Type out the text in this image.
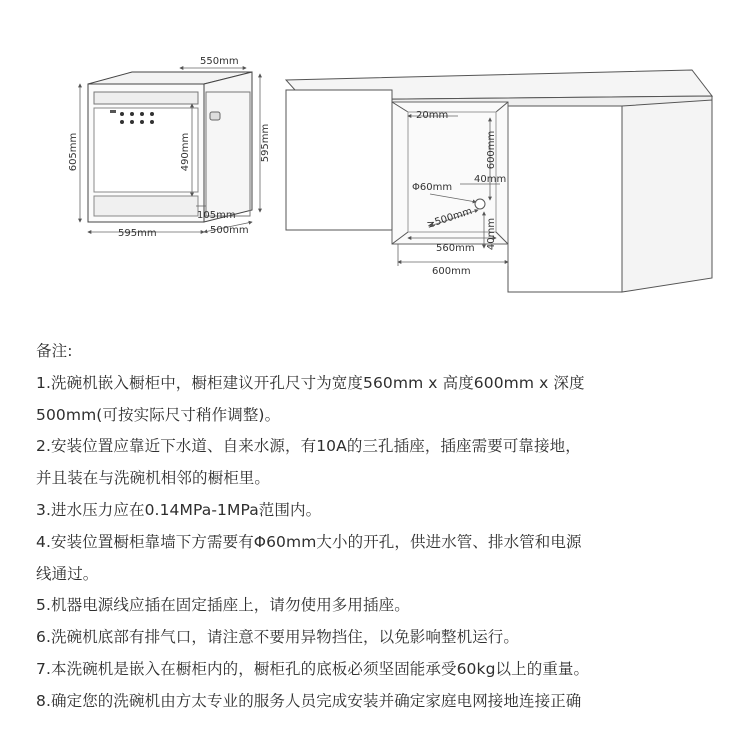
550mm
605mm	490mm	595mm
105mm
595mm	500mm
20mm
600mm
Φ60mm
40mm
≥500mm 40mm
560mm
600mm

备注:

1.洗碗机嵌入橱柜中，橱柜建议开孔尺寸为宽度560mm x 高度600mm x 深度

500mm(可按实际尺寸稍作调整)。

2.安装位置应靠近下水道、自来水源，有10A的三孔插座，插座需要可靠接地，

并且装在与洗碗机相邻的橱柜里。

3.进水压力应在0.14MPa-1MPa范围内。

4.安装位置橱柜靠墙下方需要有Φ60mm大小的开孔，供进水管、排水管和电源

线通过。

5.机器电源线应插在固定插座上，请勿使用多用插座。

6.洗碗机底部有排气口，请注意不要用异物挡住，以免影响整机运行。

7.本洗碗机是嵌入在橱柜内的，橱柜孔的底板必须坚固能承受60kg以上的重量。

8.确定您的洗碗机由方太专业的服务人员完成安装并确定家庭电网接地连接正确
